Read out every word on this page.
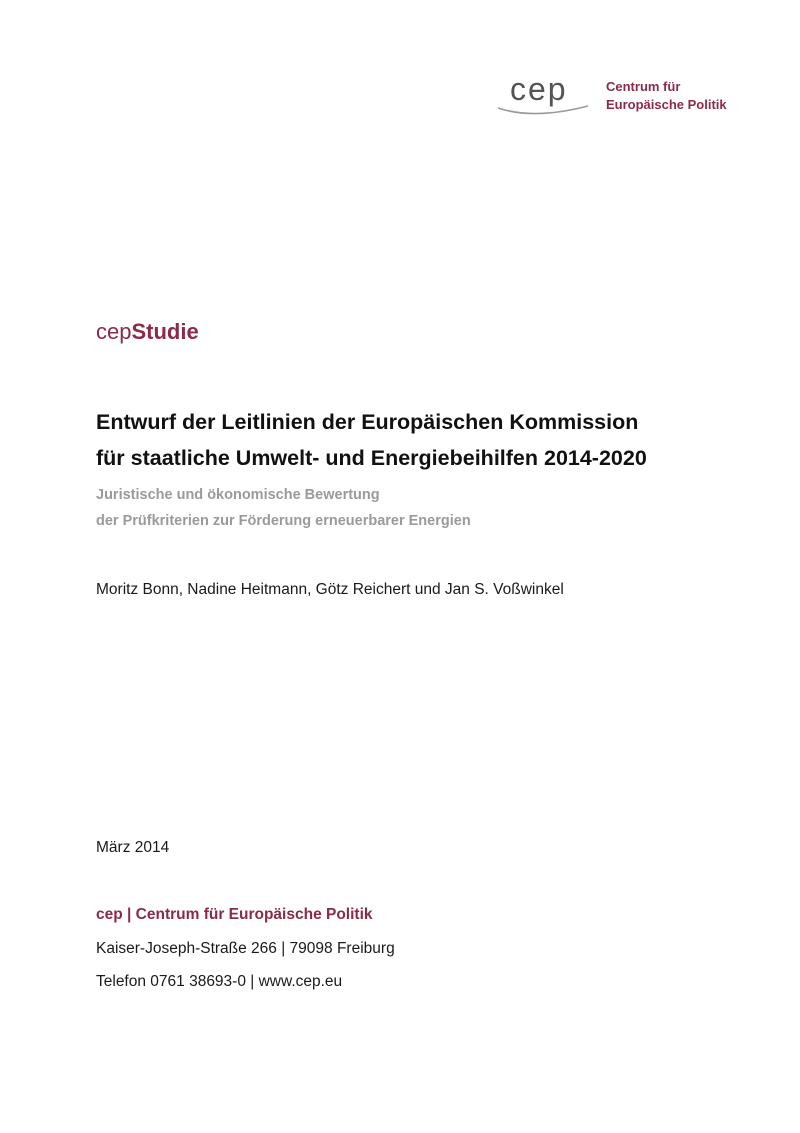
cep	Centrum für
Europäische Politik
cepStudie
Entwurf der Leitlinien der Europäischen Kommission
für staatliche Umwelt- und Energiebeihilfen 2014-2020
Juristische und ökonomische Bewertung
der Prüfkriterien zur Förderung erneuerbarer Energien
Moritz Bonn, Nadine Heitmann, Götz Reichert und Jan S. Voßwinkel
März 2014
cep | Centrum für Europäische Politik
Kaiser-Joseph-Straße 266 | 79098 Freiburg
Telefon 0761 38693-0 | www.cep.eu
